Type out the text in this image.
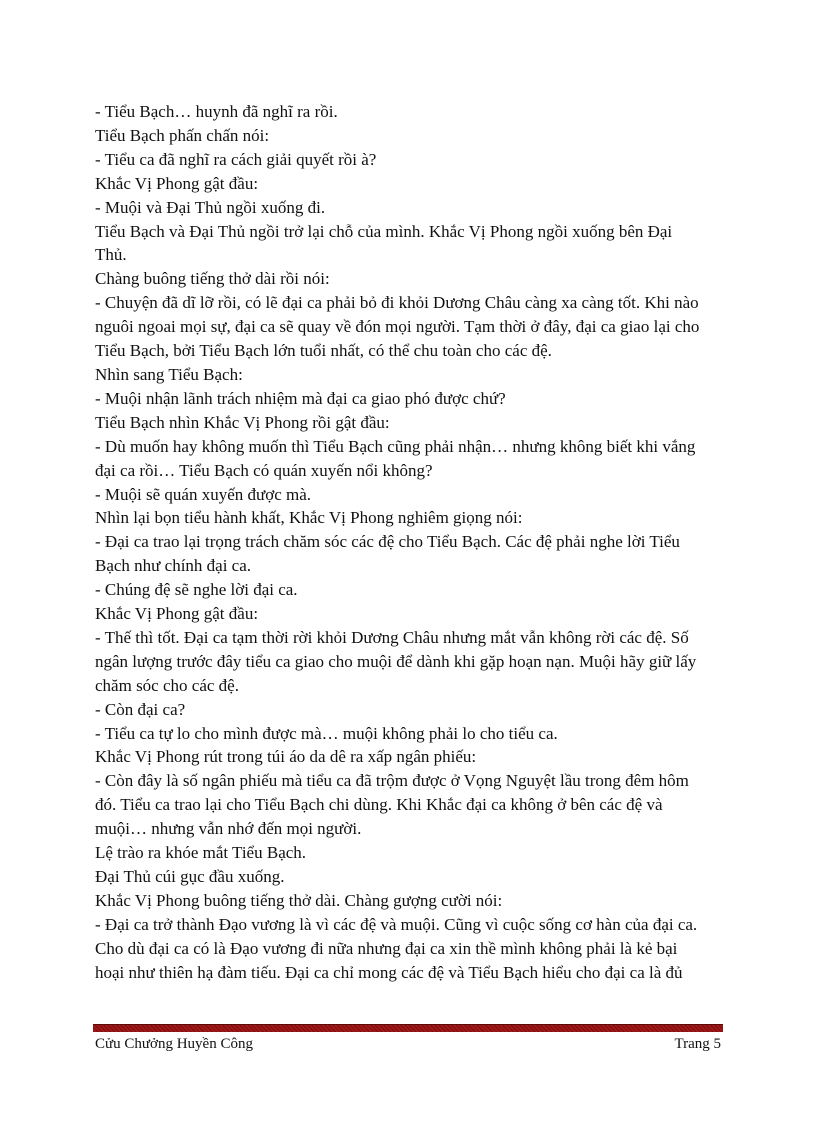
- Tiểu Bạch… huynh đã nghĩ ra rồi.

Tiểu Bạch phấn chấn nói:

- Tiểu ca đã nghĩ ra cách giải quyết rồi à?

Khắc Vị Phong gật đầu:

- Muội và Đại Thủ ngồi xuống đi.

Tiểu Bạch và Đại Thủ ngồi trở lại chỗ của mình. Khắc Vị Phong ngồi xuống bên Đại

Thủ.

Chàng buông tiếng thở dài rồi nói:

- Chuyện đã dĩ lỡ rồi, có lẽ đại ca phải bỏ đi khỏi Dương Châu càng xa càng tốt. Khi nào

nguôi ngoai mọi sự, đại ca sẽ quay về đón mọi người. Tạm thời ở đây, đại ca giao lại cho

Tiểu Bạch, bởi Tiểu Bạch lớn tuổi nhất, có thể chu toàn cho các đệ.

Nhìn sang Tiểu Bạch:

- Muội nhận lãnh trách nhiệm mà đại ca giao phó được chứ?

Tiểu Bạch nhìn Khắc Vị Phong rồi gật đầu:

- Dù muốn hay không muốn thì Tiểu Bạch cũng phải nhận… nhưng không biết khi vắng

đại ca rồi… Tiểu Bạch có quán xuyến nổi không?

- Muội sẽ quán xuyến được mà.

Nhìn lại bọn tiểu hành khất, Khắc Vị Phong nghiêm giọng nói:

- Đại ca trao lại trọng trách chăm sóc các đệ cho Tiểu Bạch. Các đệ phải nghe lời Tiểu

Bạch như chính đại ca.

- Chúng đệ sẽ nghe lời đại ca.

Khắc Vị Phong gật đầu:

- Thế thì tốt. Đại ca tạm thời rời khỏi Dương Châu nhưng mắt vẫn không rời các đệ. Số

ngân lượng trước đây tiểu ca giao cho muội để dành khi gặp hoạn nạn. Muội hãy giữ lấy

chăm sóc cho các đệ.

- Còn đại ca?

- Tiểu ca tự lo cho mình được mà… muội không phải lo cho tiểu ca.

Khắc Vị Phong rút trong túi áo da dê ra xấp ngân phiếu:

- Còn đây là số ngân phiếu mà tiểu ca đã trộm được ở Vọng Nguyệt lầu trong đêm hôm

đó. Tiểu ca trao lại cho Tiểu Bạch chi dùng. Khi Khắc đại ca không ở bên các đệ và

muội… nhưng vẫn nhớ đến mọi người.

Lệ trào ra khóe mắt Tiểu Bạch.

Đại Thủ cúi gục đầu xuống.

Khắc Vị Phong buông tiếng thở dài. Chàng gượng cười nói:

- Đại ca trở thành Đạo vương là vì các đệ và muội. Cũng vì cuộc sống cơ hàn của đại ca.

Cho dù đại ca có là Đạo vương đi nữa nhưng đại ca xin thề mình không phải là kẻ bại

hoại như thiên hạ đàm tiếu. Đại ca chỉ mong các đệ và Tiểu Bạch hiểu cho đại ca là đủ

Cửu Chưởng Huyền Công	Trang 5
